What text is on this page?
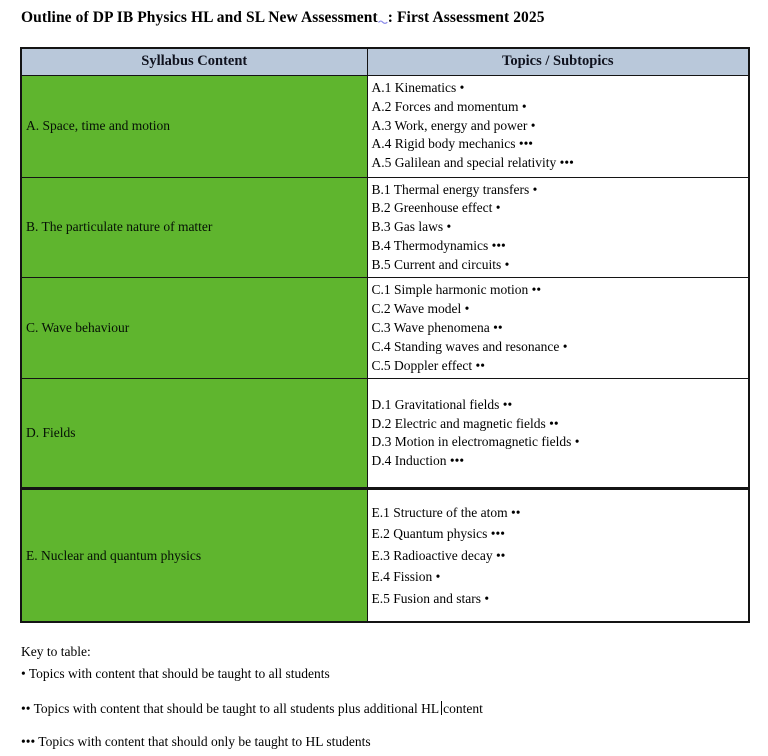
Outline of DP IB Physics HL and SL New Assessment : First Assessment 2025
Syllabus Content	Topics / Subtopics
A. Space, time and motion	A.1 Kinematics •
A.2 Forces and momentum •
A.3 Work, energy and power •
A.4 Rigid body mechanics •••
A.5 Galilean and special relativity •••

B. The particulate nature of matter	B.1 Thermal energy transfers •
B.2 Greenhouse effect •
B.3 Gas laws •
B.4 Thermodynamics •••
B.5 Current and circuits •

C. Wave behaviour	C.1 Simple harmonic motion ••
C.2 Wave model •
C.3 Wave phenomena ••
C.4 Standing waves and resonance •
C.5 Doppler effect ••

D. Fields	D.1 Gravitational fields ••
D.2 Electric and magnetic fields ••
D.3 Motion in electromagnetic fields •
D.4 Induction •••

E. Nuclear and quantum physics	E.1 Structure of the atom ••
E.2 Quantum physics •••
E.3 Radioactive decay ••
E.4 Fission •
E.5 Fusion and stars •
Key to table:
• Topics with content that should be taught to all students
•• Topics with content that should be taught to all students plus additional HL content
••• Topics with content that should only be taught to HL students
